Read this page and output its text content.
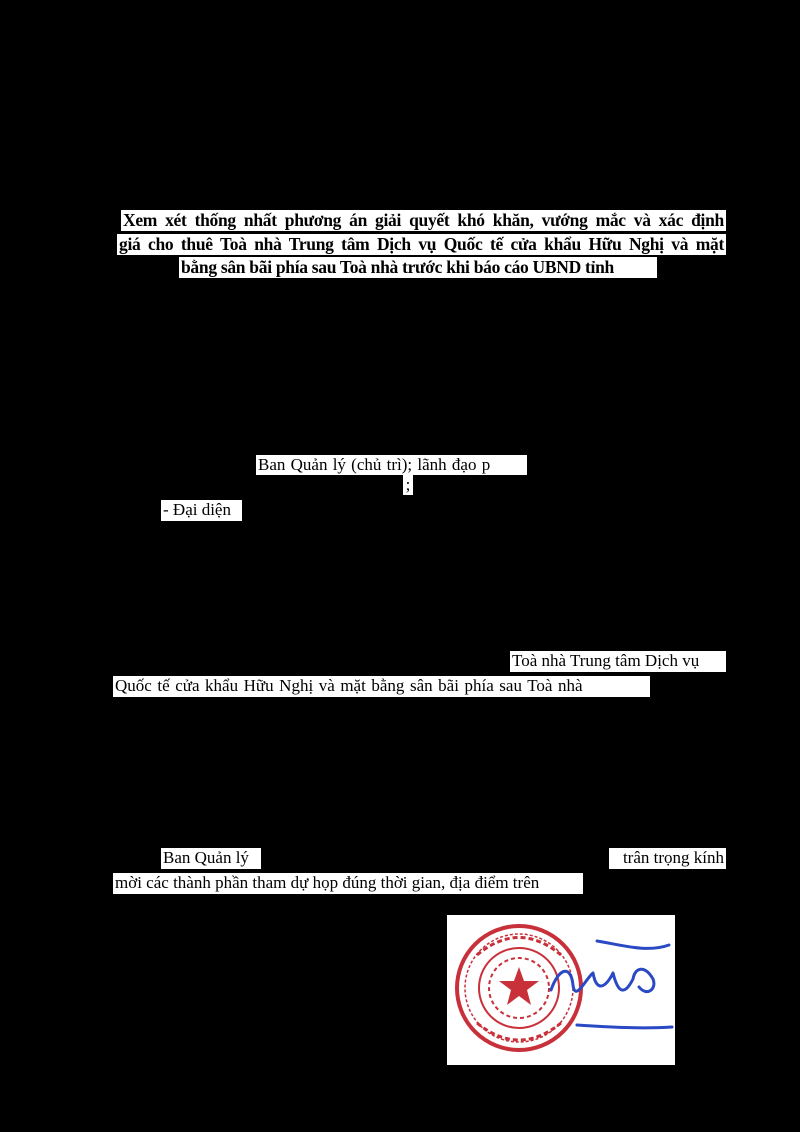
Xem xét thống nhất phương án giải quyết khó khăn, vướng mắc và xác định
giá cho thuê Toà nhà Trung tâm Dịch vụ Quốc tế cửa khẩu Hữu Nghị và mặt
bằng sân bãi phía sau Toà nhà trước khi báo cáo UBND tỉnh
Ban Quản lý (chủ trì); lãnh đạo p
;
- Đại diện
Toà nhà Trung tâm Dịch vụ
Quốc tế cửa khẩu Hữu Nghị và mặt bằng sân bãi phía sau Toà nhà
Ban Quản lý	trân trọng kính
mời các thành phần tham dự họp đúng thời gian, địa điểm trên
